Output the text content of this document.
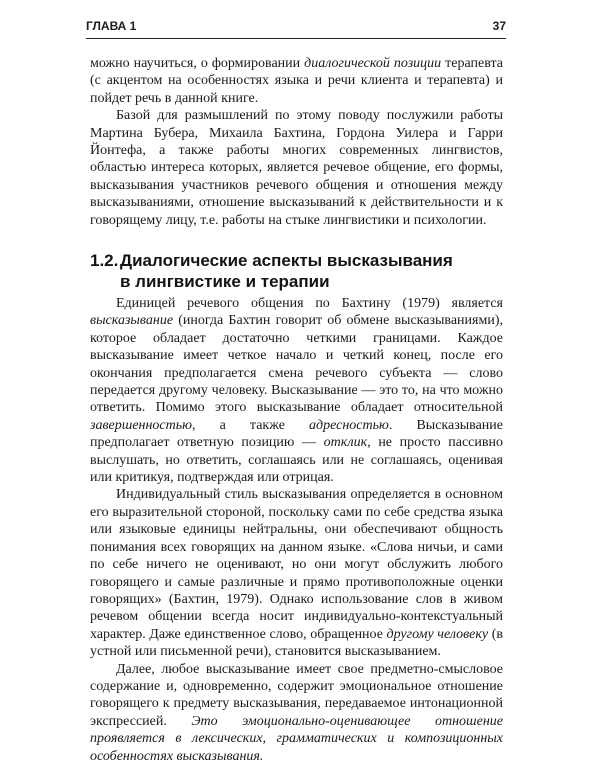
ГЛАВА 1	37

можно научиться, о формировании диалогической позиции терапевта (с акцентом на особенностях языка и речи клиента и терапевта) и пойдет речь в данной книге.

Базой для размышлений по этому поводу послужили работы Мартина Бубера, Михаила Бахтина, Гордона Уилера и Гарри Йонтефа, а также работы многих современных лингвистов, областью интереса которых, является речевое общение, его формы, высказывания участников речевого общения и отношения между высказываниями, отношение высказываний к действительности и к говорящему лицу, т.е. работы на стыке лингвистики и психологии.

1.2.Диалогические аспекты высказывания
в лингвистике и терапии

Единицей речевого общения по Бахтину (1979) является высказывание (иногда Бахтин говорит об обмене высказываниями), которое обладает достаточно четкими границами. Каждое высказывание имеет четкое начало и четкий конец, после его окончания предполагается смена речевого субъекта — слово передается другому человеку. Высказывание — это то, на что можно ответить. Помимо этого высказывание обладает относительной завершенностью, а также адресностью. Высказывание предполагает ответную позицию — отклик, не просто пассивно выслушать, но ответить, соглашаясь или не соглашаясь, оценивая или критикуя, подтверждая или отрицая.

Индивидуальный стиль высказывания определяется в основном его выразительной стороной, поскольку сами по себе средства языка или языковые единицы нейтральны, они обеспечивают общность понимания всех говорящих на данном языке. «Слова ничьи, и сами по себе ничего не оценивают, но они могут обслужить любого говорящего и самые различные и прямо противоположные оценки говорящих» (Бахтин, 1979). Однако использование слов в живом речевом общении всегда носит индивидуально-контекстуальный характер. Даже единственное слово, обращенное другому человеку (в устной или письменной речи), становится высказыванием.

Далее, любое высказывание имеет свое предметно-смысловое содержание и, одновременно, содержит эмоциональное отношение говорящего к предмету высказывания, передаваемое интонационной экспрессией. Это эмоционально-оценивающее отношение проявляется в лексических, грамматических и композиционных особенностях высказывания.
